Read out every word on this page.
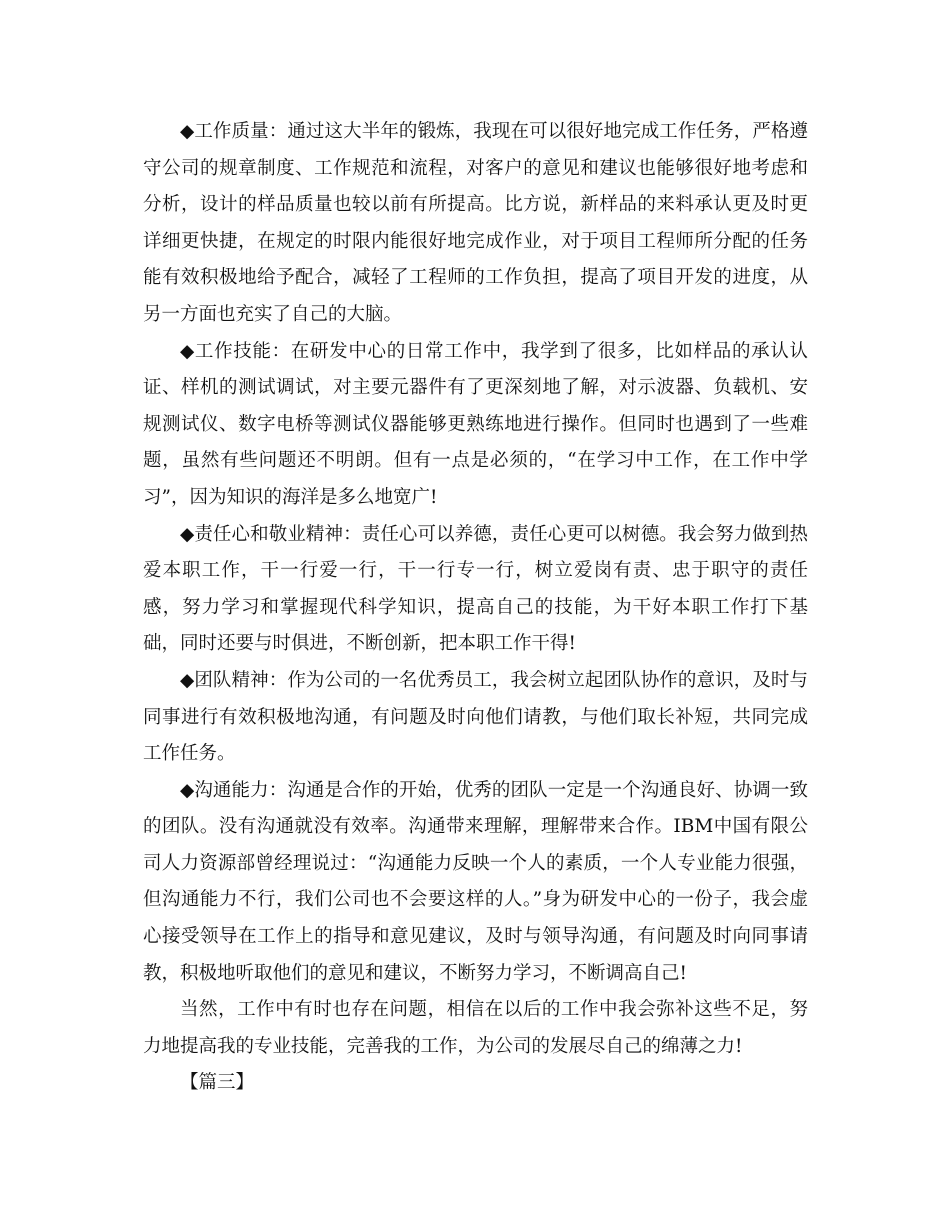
◆工作质量：通过这大半年的锻炼，我现在可以很好地完成工作任务，严格遵守公司的规章制度、工作规范和流程，对客户的意见和建议也能够很好地考虑和分析，设计的样品质量也较以前有所提高。比方说，新样品的来料承认更及时更详细更快捷，在规定的时限内能很好地完成作业，对于项目工程师所分配的任务能有效积极地给予配合，减轻了工程师的工作负担，提高了项目开发的进度，从另一方面也充实了自己的大脑。

◆工作技能：在研发中心的日常工作中，我学到了很多，比如样品的承认认证、样机的测试调试，对主要元器件有了更深刻地了解，对示波器、负载机、安规测试仪、数字电桥等测试仪器能够更熟练地进行操作。但同时也遇到了一些难题，虽然有些问题还不明朗。但有一点是必须的，“在学习中工作，在工作中学习”，因为知识的海洋是多么地宽广!

◆责任心和敬业精神：责任心可以养德，责任心更可以树德。我会努力做到热爱本职工作，干一行爱一行，干一行专一行，树立爱岗有责、忠于职守的责任感，努力学习和掌握现代科学知识，提高自己的技能，为干好本职工作打下基础，同时还要与时俱进，不断创新，把本职工作干得!

◆团队精神：作为公司的一名优秀员工，我会树立起团队协作的意识，及时与同事进行有效积极地沟通，有问题及时向他们请教，与他们取长补短，共同完成工作任务。

◆沟通能力：沟通是合作的开始，优秀的团队一定是一个沟通良好、协调一致的团队。没有沟通就没有效率。沟通带来理解，理解带来合作。IBM中国有限公司人力资源部曾经理说过：“沟通能力反映一个人的素质，一个人专业能力很强，但沟通能力不行，我们公司也不会要这样的人。”身为研发中心的一份子，我会虚心接受领导在工作上的指导和意见建议，及时与领导沟通，有问题及时向同事请教，积极地听取他们的意见和建议，不断努力学习，不断调高自己!

当然，工作中有时也存在问题，相信在以后的工作中我会弥补这些不足，努力地提高我的专业技能，完善我的工作，为公司的发展尽自己的绵薄之力!

【篇三】
